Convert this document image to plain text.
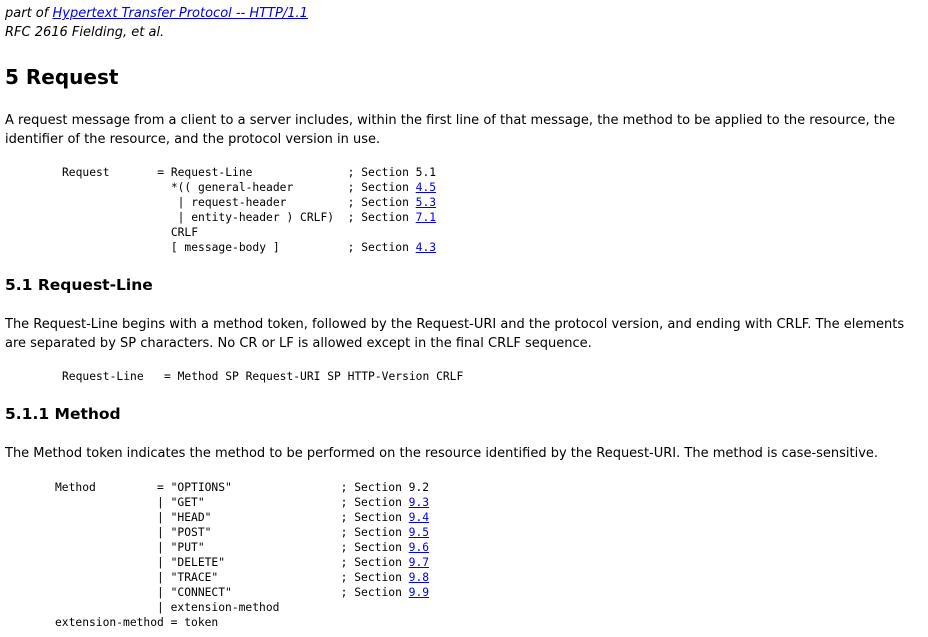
part of Hypertext Transfer Protocol -- HTTP/1.1
RFC 2616 Fielding, et al.
5 Request

A request message from a client to a server includes, within the first line of that message, the method to be applied to the resource, the identifier of the resource, and the protocol version in use.

Request       = Request-Line              ; Section 5.1
*(( general-header        ; Section 4.5
| request-header         ; Section 5.3
| entity-header ) CRLF)  ; Section 7.1
CRLF
[ message-body ]          ; Section 4.3
5.1 Request-Line

The Request-Line begins with a method token, followed by the Request-URI and the protocol version, and ending with CRLF. The elements are separated by SP characters. No CR or LF is allowed except in the final CRLF sequence.

Request-Line   = Method SP Request-URI SP HTTP-Version CRLF
5.1.1 Method

The Method token indicates the method to be performed on the resource identified by the Request-URI. The method is case-sensitive.

Method         = "OPTIONS"                ; Section 9.2
| "GET"                    ; Section 9.3
| "HEAD"                   ; Section 9.4
| "POST"                   ; Section 9.5
| "PUT"                    ; Section 9.6
| "DELETE"                 ; Section 9.7
| "TRACE"                  ; Section 9.8
| "CONNECT"                ; Section 9.9
| extension-method
extension-method = token
